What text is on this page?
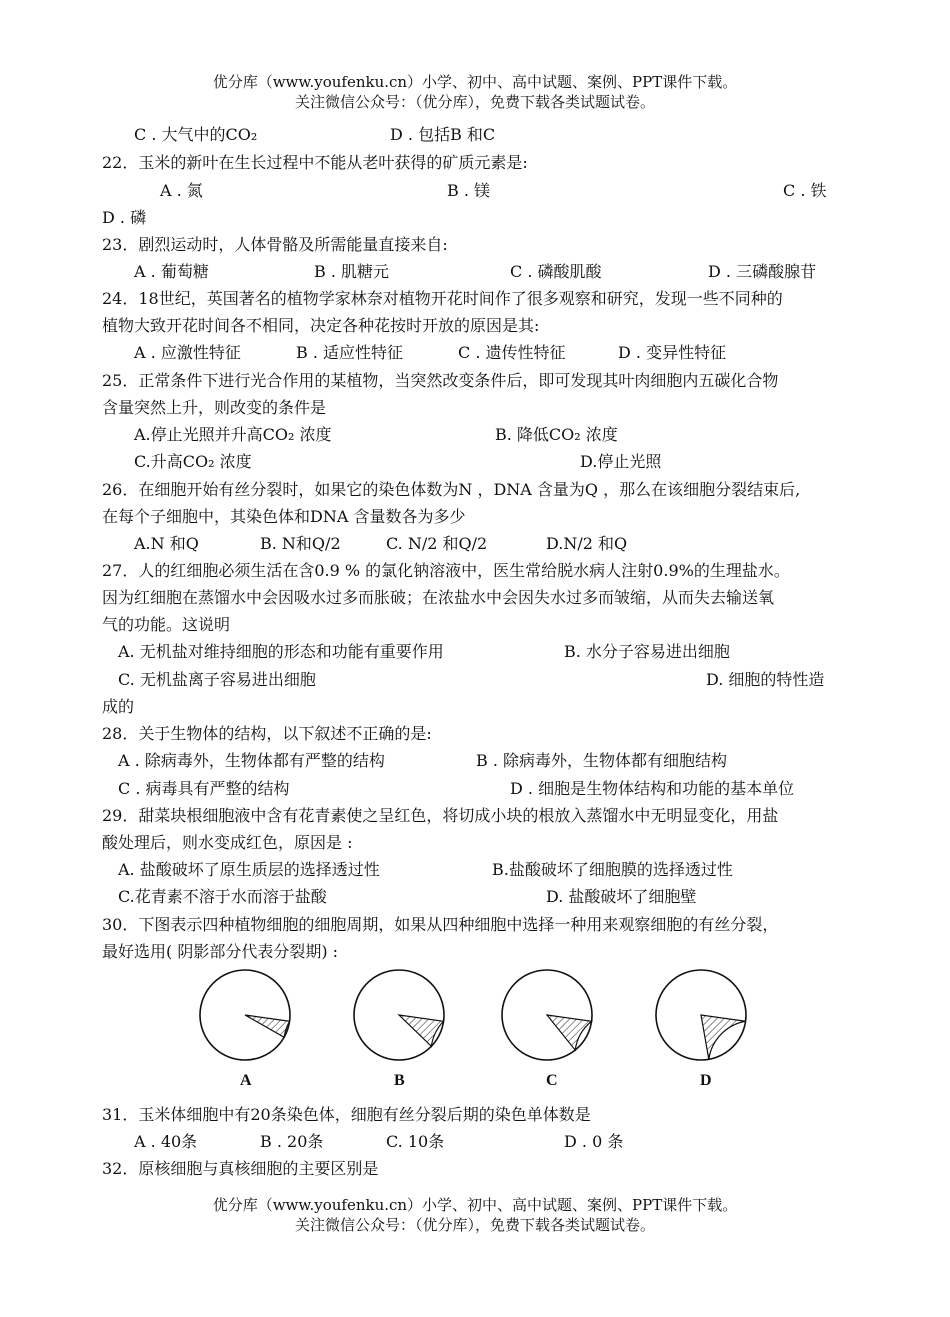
优分库（www.youfenku.cn）小学、初中、高中试题、案例、PPT课件下载。
关注微信公众号：（优分库），免费下载各类试题试卷。
C . 大气中的CO₂	D . 包括B 和C
22．玉米的新叶在生长过程中不能从老叶获得的矿质元素是:
A . 氮	B . 镁	C . 铁
D . 磷
23．剧烈运动时，人体骨骼及所需能量直接来自:
A . 葡萄糖	B . 肌糖元	C . 磷酸肌酸	D . 三磷酸腺苷
24．18世纪，英国著名的植物学家林奈对植物开花时间作了很多观察和研究，发现一些不同种的
植物大致开花时间各不相同，决定各种花按时开放的原因是其:
A . 应激性特征	B . 适应性特征	C . 遗传性特征	D . 变异性特征
25．正常条件下进行光合作用的某植物，当突然改变条件后，即可发现其叶肉细胞内五碳化合物
含量突然上升，则改变的条件是
A.停止光照并升高CO₂ 浓度	B. 降低CO₂ 浓度
C.升高CO₂ 浓度	D.停止光照
26．在细胞开始有丝分裂时，如果它的染色体数为N ，DNA 含量为Q ，那么在该细胞分裂结束后,
在每个子细胞中，其染色体和DNA 含量数各为多少
A.N 和Q	B. N和Q/2	C. N/2 和Q/2	D.N/2 和Q
27．人的红细胞必须生活在含0.9 % 的氯化钠溶液中，医生常给脱水病人注射0.9%的生理盐水。
因为红细胞在蒸馏水中会因吸水过多而胀破；在浓盐水中会因失水过多而皱缩，从而失去输送氧
气的功能。这说明
A. 无机盐对维持细胞的形态和功能有重要作用	B. 水分子容易进出细胞
C. 无机盐离子容易进出细胞	D. 细胞的特性造
成的
28．关于生物体的结构，以下叙述不正确的是:
A . 除病毒外，生物体都有严整的结构	B . 除病毒外，生物体都有细胞结构
C . 病毒具有严整的结构	D . 细胞是生物体结构和功能的基本单位
29．甜菜块根细胞液中含有花青素使之呈红色，将切成小块的根放入蒸馏水中无明显变化，用盐
酸处理后，则水变成红色，原因是 :
A. 盐酸破坏了原生质层的选择透过性	B.盐酸破坏了细胞膜的选择透过性
C.花青素不溶于水而溶于盐酸	D. 盐酸破坏了细胞壁
30．下图表示四种植物细胞的细胞周期，如果从四种细胞中选择一种用来观察细胞的有丝分裂，
最好选用( 阴影部分代表分裂期) :
A	B	C	D
31．玉米体细胞中有20条染色体，细胞有丝分裂后期的染色单体数是
A . 40条	B . 20条	C. 10条	D . 0 条
32．原核细胞与真核细胞的主要区别是
优分库（www.youfenku.cn）小学、初中、高中试题、案例、PPT课件下载。
关注微信公众号：（优分库），免费下载各类试题试卷。
